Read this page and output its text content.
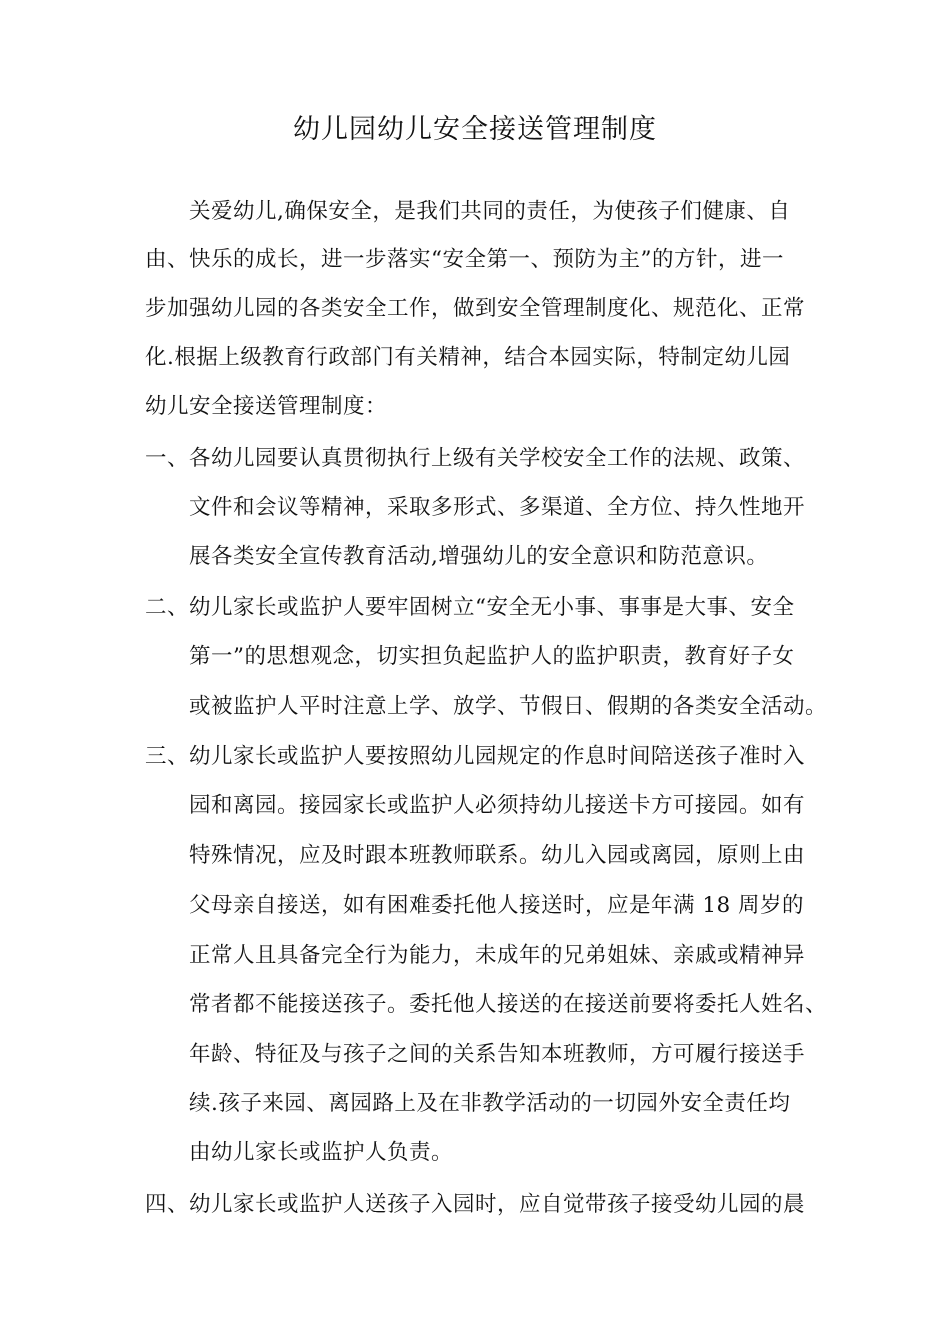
幼儿园幼儿安全接送管理制度
关爱幼儿,确保安全，是我们共同的责任，为使孩子们健康、自
由、快乐的成长，进一步落实“安全第一、预防为主”的方针，进一
步加强幼儿园的各类安全工作，做到安全管理制度化、规范化、正常
化.根据上级教育行政部门有关精神，结合本园实际，特制定幼儿园
幼儿安全接送管理制度：
一、各幼儿园要认真贯彻执行上级有关学校安全工作的法规、政策、
文件和会议等精神，采取多形式、多渠道、全方位、持久性地开
展各类安全宣传教育活动,增强幼儿的安全意识和防范意识。
二、幼儿家长或监护人要牢固树立“安全无小事、事事是大事、安全
第一”的思想观念，切实担负起监护人的监护职责，教育好子女
或被监护人平时注意上学、放学、节假日、假期的各类安全活动。
三、幼儿家长或监护人要按照幼儿园规定的作息时间陪送孩子准时入
园和离园。接园家长或监护人必须持幼儿接送卡方可接园。如有
特殊情况，应及时跟本班教师联系。幼儿入园或离园，原则上由
父母亲自接送，如有困难委托他人接送时，应是年满 18 周岁的
正常人且具备完全行为能力，未成年的兄弟姐妹、亲戚或精神异
常者都不能接送孩子。委托他人接送的在接送前要将委托人姓名、
年龄、特征及与孩子之间的关系告知本班教师，方可履行接送手
续.孩子来园、离园路上及在非教学活动的一切园外安全责任均
由幼儿家长或监护人负责。
四、幼儿家长或监护人送孩子入园时，应自觉带孩子接受幼儿园的晨
